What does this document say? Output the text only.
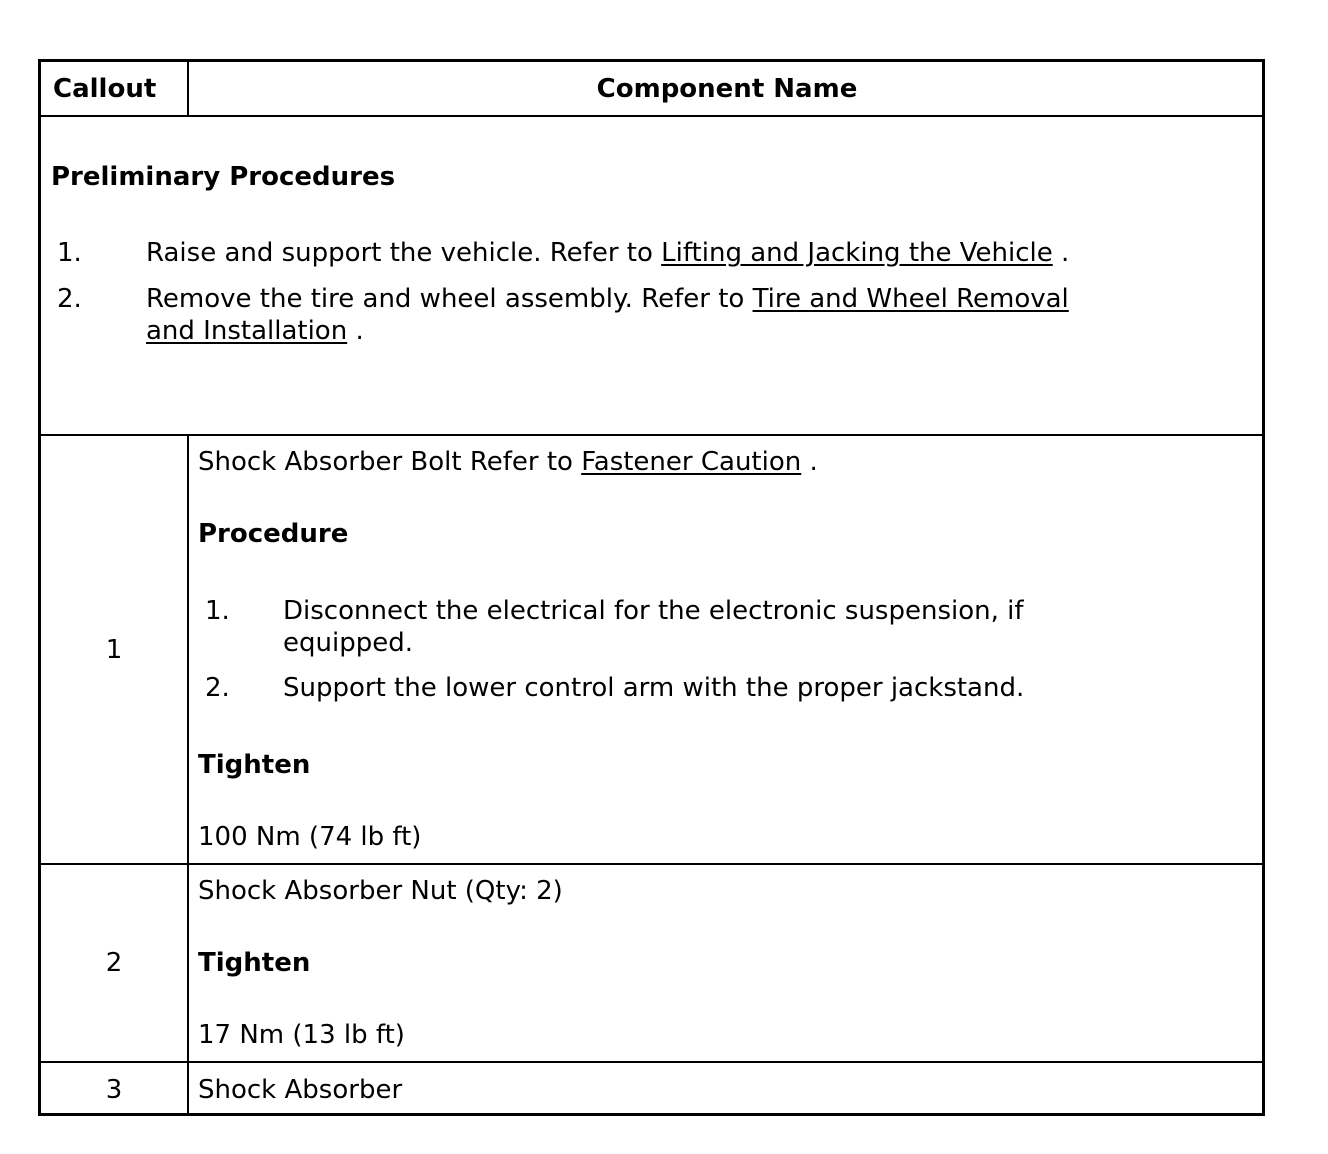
Callout	Component Name
Preliminary Procedures
1. Raise and support the vehicle. Refer to Lifting and Jacking the Vehicle .
2. Remove the tire and wheel assembly. Refer to Tire and Wheel Removal
and Installation .
1
Shock Absorber Bolt Refer to Fastener Caution .
Procedure
1. Disconnect the electrical for the electronic suspension, if
equipped.
2. Support the lower control arm with the proper jackstand.
Tighten
100 Nm (74 lb ft)
2
Shock Absorber Nut (Qty: 2)
Tighten
17 Nm (13 lb ft)
3	Shock Absorber
